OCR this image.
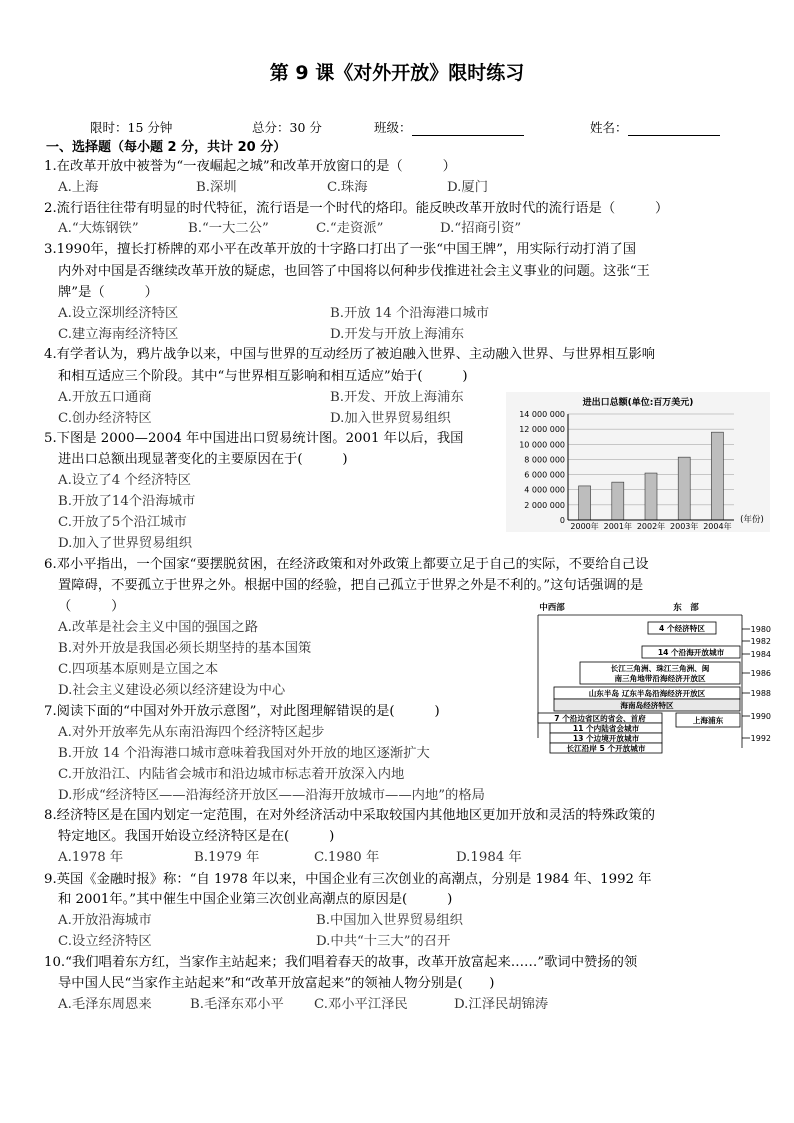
第 9 课《对外开放》限时练习
限时：15 分钟	总分：30 分	班级：	姓名：
一、选择题（每小题 2 分，共计 20 分）
1.在改革开放中被誉为“一夜崛起之城”和改革开放窗口的是（　　　）
2.流行语往往带有明显的时代特征，流行语是一个时代的烙印。能反映改革开放时代的流行语是（　　　）
3.1990年，擅长打桥牌的邓小平在改革开放的十字路口打出了一张“中国王牌”，用实际行动打消了国
内外对中国是否继续改革开放的疑虑，也回答了中国将以何种步伐推进社会主义事业的问题。这张“王
牌”是（　　　）
4.有学者认为，鸦片战争以来，中国与世界的互动经历了被迫融入世界、主动融入世界、与世界相互影响
和相互适应三个阶段。其中“与世界相互影响和相互适应”始于(　　　)
5.下图是 2000—2004 年中国进出口贸易统计图。2001 年以后，我国
进出口总额出现显著变化的主要原因在于(　　　)
6.邓小平指出，一个国家“要摆脱贫困，在经济政策和对外政策上都要立足于自己的实际，不要给自己设
置障碍，不要孤立于世界之外。根据中国的经验，把自己孤立于世界之外是不利的。”这句话强调的是
（　　　）
7.阅读下面的“中国对外开放示意图”，对此图理解错误的是(　　　)
8.经济特区是在国内划定一定范围，在对外经济活动中采取较国内其他地区更加开放和灵活的特殊政策的
特定地区。我国开始设立经济特区是在(　　　)
9.英国《金融时报》称：“自 1978 年以来，中国企业有三次创业的高潮点，分别是 1984 年、1992 年
和 2001年。”其中催生中国企业第三次创业高潮点的原因是(　　　)
10.“我们唱着东方红，当家作主站起来；我们唱着春天的故事，改革开放富起来……”歌词中赞扬的领
导中国人民“当家作主站起来”和“改革开放富起来”的领袖人物分别是(　　)
A.上海	B.深圳	C.珠海	D.厦门
A.“大炼钢铁”	B.“一大二公”	C.“走资派”	D.“招商引资”
A.设立深圳经济特区	B.开放 14 个沿海港口城市
C.建立海南经济特区	D.开发与开放上海浦东
A.开放五口通商	B.开发、开放上海浦东
C.创办经济特区	D.加入世界贸易组织
A.设立了4 个经济特区
B.开放了14个沿海城市
C.开放了5个沿江城市
D.加入了世界贸易组织
A.改革是社会主义中国的强国之路
B.对外开放是我国必须长期坚持的基本国策
C.四项基本原则是立国之本
D.社会主义建设必须以经济建设为中心
A.对外开放率先从东南沿海四个经济特区起步
B.开放 14 个沿海港口城市意味着我国对外开放的地区逐渐扩大
C.开放沿江、内陆省会城市和沿边城市标志着开放深入内地
D.形成“经济特区——沿海经济开放区——沿海开放城市——内地”的格局
A.1978 年	B.1979 年	C.1980 年	D.1984 年
A.开放沿海城市	B.中国加入世界贸易组织
C.设立经济特区	D.中共“十三大”的召开
A.毛泽东周恩来	B.毛泽东邓小平 C.邓小平江泽民	D.江泽民胡锦涛
进出口总额(单位:百万美元)
14 000 000
12 000 000
10 000 000
8 000 000
6 000 000
4 000 000
2 000 000
0
2000年 2001年 2002年 2003年 2004年
(年份)
中西部	东　部
1980
1982
1984
1986
1988
1990
1992
4 个经济特区
14 个沿海开放城市
长江三角洲、珠江三角洲、闽
南三角地带沿海经济开放区
山东半岛 辽东半岛沿海经济开放区
海南岛经济特区
7 个沿边省区的省会、首府
11 个内陆省会城市
13 个边境开放城市
长江沿岸 5 个开放城市
上海浦东
